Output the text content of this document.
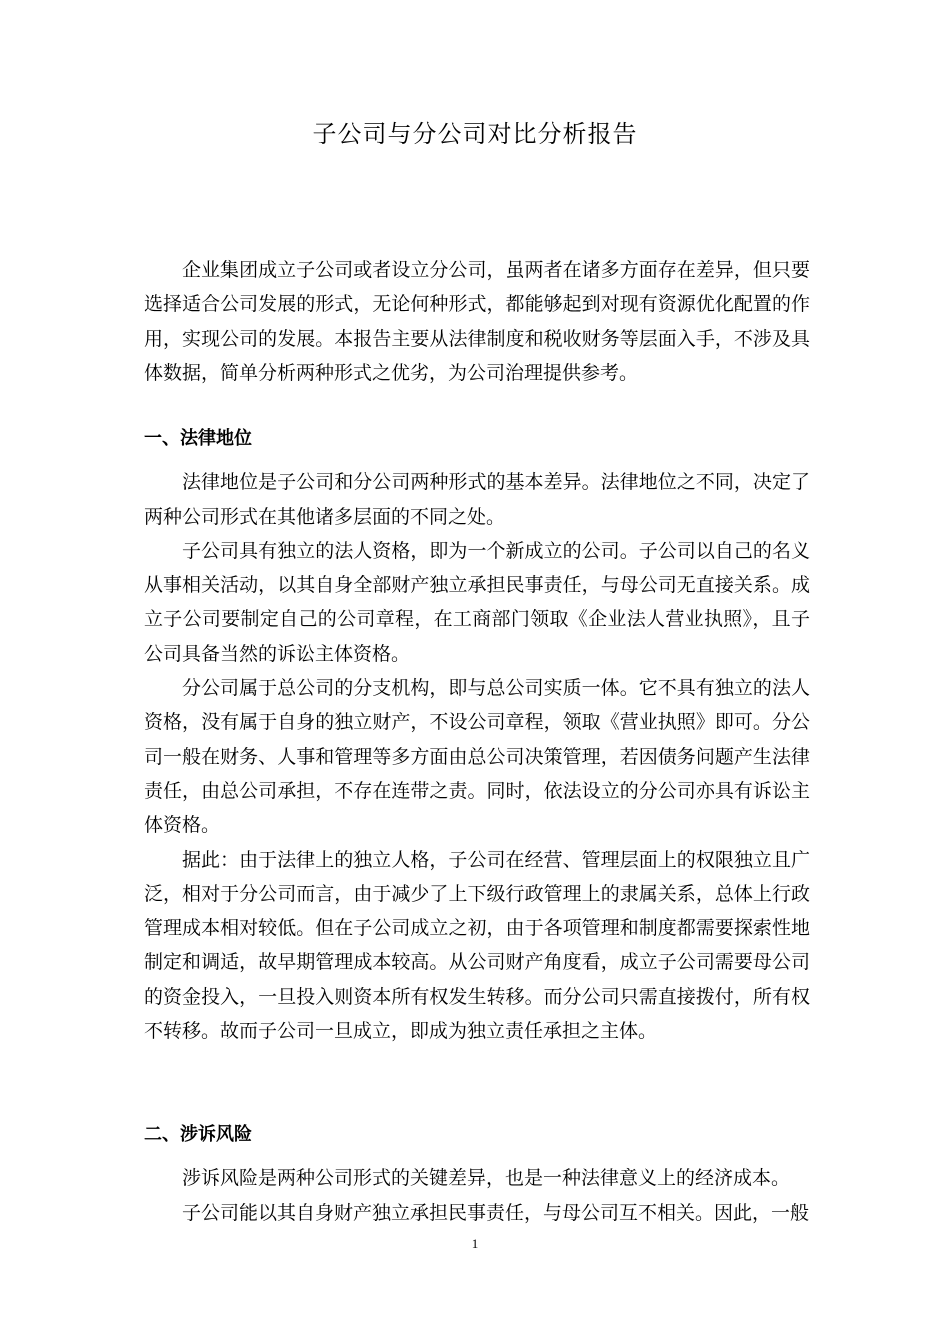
子公司与分公司对比分析报告

企业集团成立子公司或者设立分公司，虽两者在诸多方面存在差异，但只要选择适合公司发展的形式，无论何种形式，都能够起到对现有资源优化配置的作用，实现公司的发展。本报告主要从法律制度和税收财务等层面入手，不涉及具体数据，简单分析两种形式之优劣，为公司治理提供参考。

一、法律地位

法律地位是子公司和分公司两种形式的基本差异。法律地位之不同，决定了两种公司形式在其他诸多层面的不同之处。

子公司具有独立的法人资格，即为一个新成立的公司。子公司以自己的名义从事相关活动，以其自身全部财产独立承担民事责任，与母公司无直接关系。成立子公司要制定自己的公司章程，在工商部门领取《企业法人营业执照》，且子公司具备当然的诉讼主体资格。

分公司属于总公司的分支机构，即与总公司实质一体。它不具有独立的法人资格，没有属于自身的独立财产，不设公司章程，领取《营业执照》即可。分公司一般在财务、人事和管理等多方面由总公司决策管理，若因债务问题产生法律责任，由总公司承担，不存在连带之责。同时，依法设立的分公司亦具有诉讼主体资格。

据此：由于法律上的独立人格，子公司在经营、管理层面上的权限独立且广泛，相对于分公司而言，由于减少了上下级行政管理上的隶属关系，总体上行政管理成本相对较低。但在子公司成立之初，由于各项管理和制度都需要探索性地制定和调适，故早期管理成本较高。从公司财产角度看，成立子公司需要母公司的资金投入，一旦投入则资本所有权发生转移。而分公司只需直接拨付，所有权不转移。故而子公司一旦成立，即成为独立责任承担之主体。

二、涉诉风险

涉诉风险是两种公司形式的关键差异，也是一种法律意义上的经济成本。

子公司能以其自身财产独立承担民事责任，与母公司互不相关。因此，一般

1
